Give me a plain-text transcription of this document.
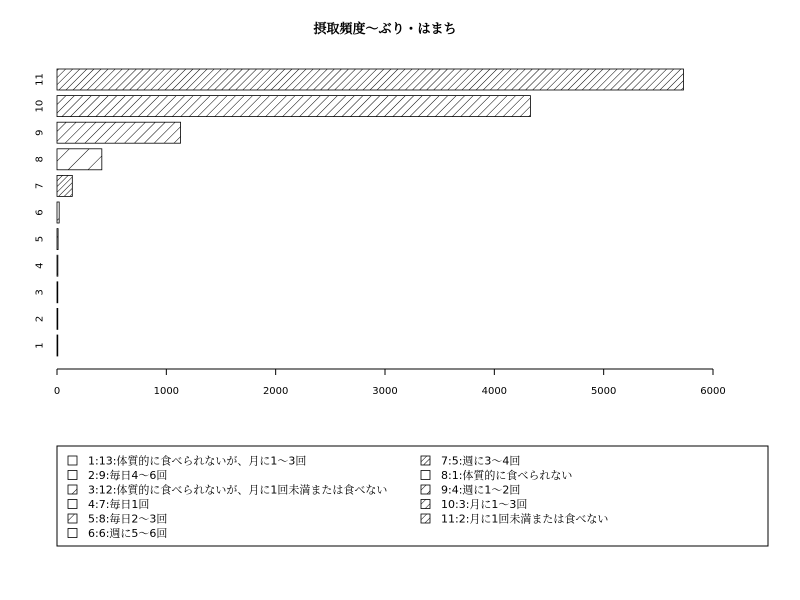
摂取頻度〜ぶり・はまち
1
2
3
4
5
6
7
8
9
10
11
0	1000	2000	3000	4000	5000	6000
1:13:体質的に食べられないが、月に1〜3回
2:9:毎日4〜6回
3:12:体質的に食べられないが、月に1回未満または食べない
4:7:毎日1回
5:8:毎日2〜3回
6:6:週に5〜6回
7:5:週に3〜4回
8:1:体質的に食べられない
9:4:週に1〜2回
10:3:月に1〜3回
11:2:月に1回未満または食べない
